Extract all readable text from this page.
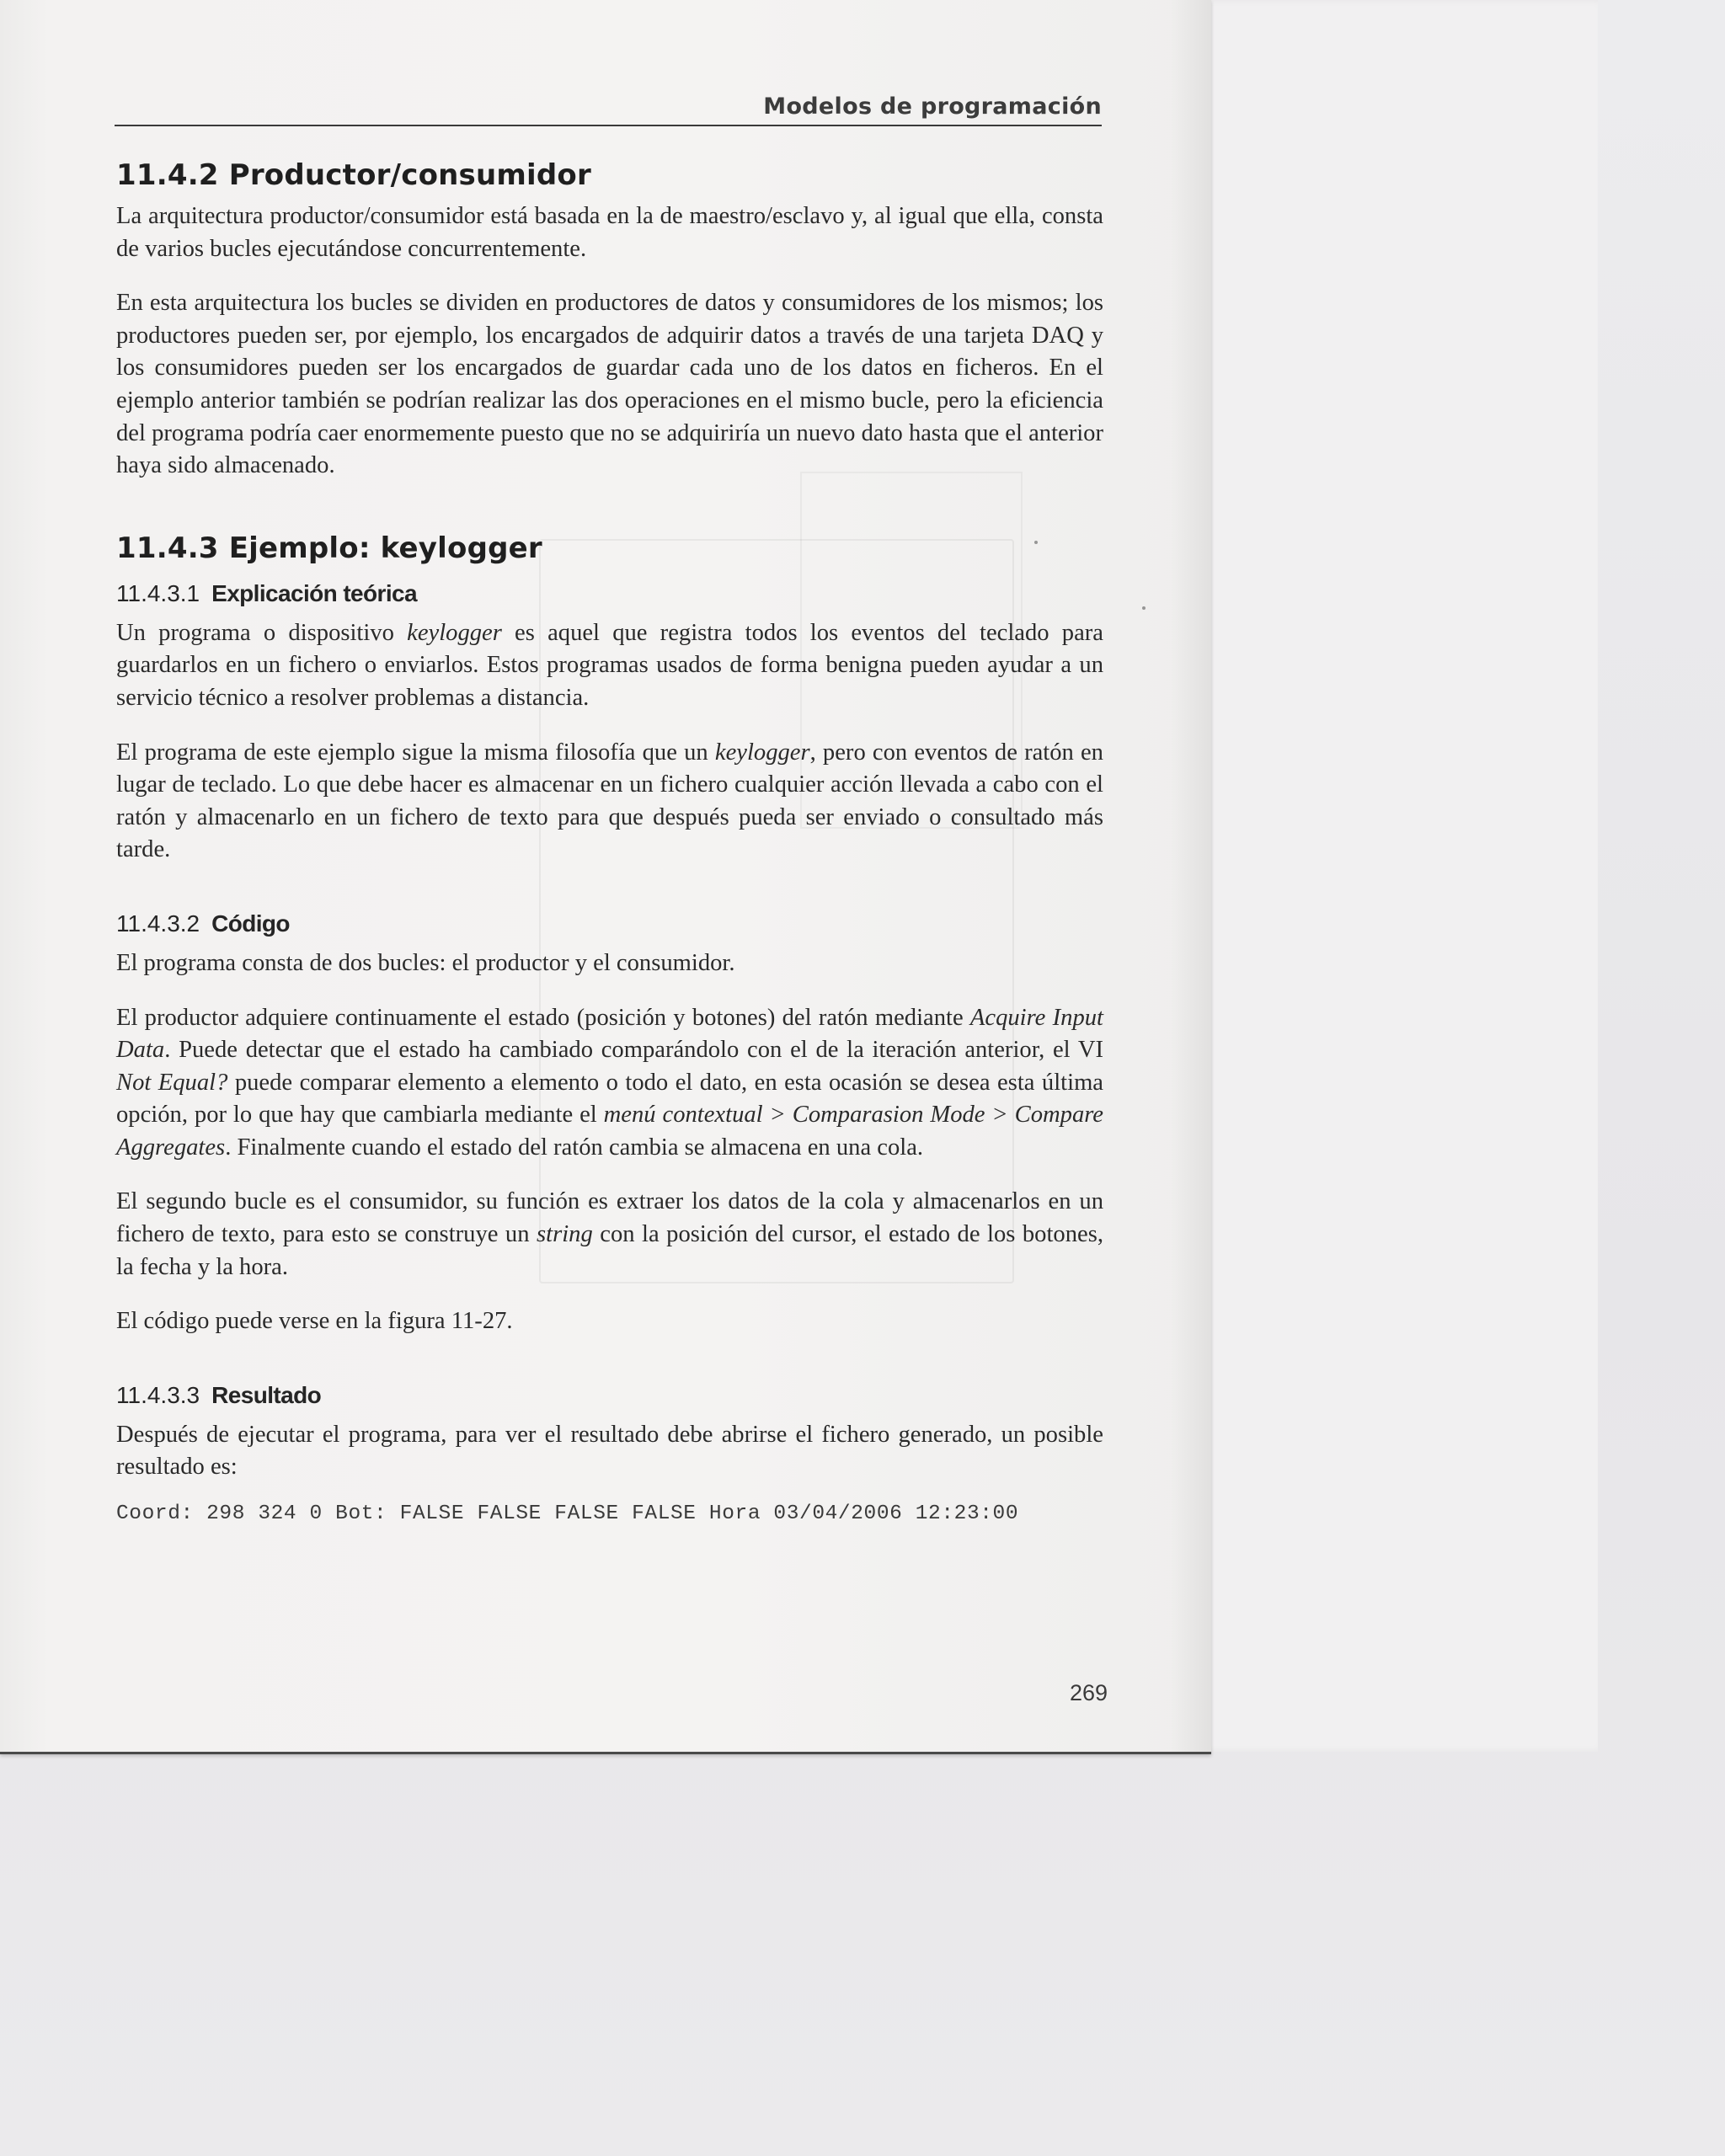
Modelos de programación
11.4.2 Productor/consumidor

La arquitectura productor/consumidor está basada en la de maestro/esclavo y, al igual que ella, consta de varios bucles ejecutándose concurrentemente.

En esta arquitectura los bucles se dividen en productores de datos y consumidores de los mismos; los productores pueden ser, por ejemplo, los encargados de adquirir datos a través de una tarjeta DAQ y los consumidores pueden ser los encargados de guardar cada uno de los datos en ficheros. En el ejemplo anterior también se podrían realizar las dos operaciones en el mismo bucle, pero la eficiencia del programa podría caer enormemente puesto que no se adquiriría un nuevo dato hasta que el anterior haya sido almacenado.

11.4.3 Ejemplo: keylogger
11.4.3.1 Explicación teórica

Un programa o dispositivo keylogger es aquel que registra todos los eventos del teclado para guardarlos en un fichero o enviarlos. Estos programas usados de forma benigna pueden ayudar a un servicio técnico a resolver problemas a distancia.

El programa de este ejemplo sigue la misma filosofía que un keylogger, pero con eventos de ratón en lugar de teclado. Lo que debe hacer es almacenar en un fichero cualquier acción llevada a cabo con el ratón y almacenarlo en un fichero de texto para que después pueda ser enviado o consultado más tarde.

11.4.3.2 Código

El programa consta de dos bucles: el productor y el consumidor.

El productor adquiere continuamente el estado (posición y botones) del ratón mediante Acquire Input Data. Puede detectar que el estado ha cambiado comparándolo con el de la iteración anterior, el VI Not Equal? puede comparar elemento a elemento o todo el dato, en esta ocasión se desea esta última opción, por lo que hay que cambiarla mediante el menú contextual > Comparasion Mode > Compare Aggregates. Finalmente cuando el estado del ratón cambia se almacena en una cola.

El segundo bucle es el consumidor, su función es extraer los datos de la cola y almacenarlos en un fichero de texto, para esto se construye un string con la posición del cursor, el estado de los botones, la fecha y la hora.

El código puede verse en la figura 11-27.

11.4.3.3 Resultado

Después de ejecutar el programa, para ver el resultado debe abrirse el fichero generado, un posible resultado es:

Coord: 298 324 0 Bot: FALSE FALSE FALSE FALSE Hora 03/04/2006 12:23:00
269
